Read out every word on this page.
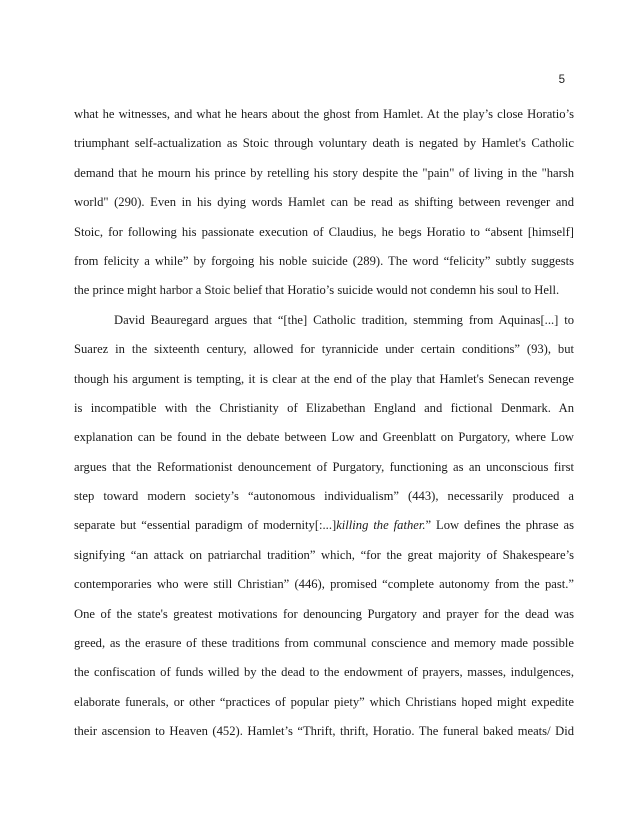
5
what he witnesses, and what he hears about the ghost from Hamlet. At the play’s close Horatio’s
triumphant self-actualization as Stoic through voluntary death is negated by Hamlet's Catholic
demand that he mourn his prince by retelling his story despite the "pain" of living in the "harsh
world" (290). Even in his dying words Hamlet can be read as shifting between revenger and
Stoic, for following his passionate execution of Claudius, he begs Horatio to “absent [himself]
from felicity a while” by forgoing his noble suicide (289). The word “felicity” subtly suggests
the prince might harbor a Stoic belief that Horatio’s suicide would not condemn his soul to Hell.
David Beauregard argues that “[the] Catholic tradition, stemming from Aquinas[...] to
Suarez in the sixteenth century, allowed for tyrannicide under certain conditions” (93), but
though his argument is tempting, it is clear at the end of the play that Hamlet's Senecan revenge
is incompatible with the Christianity of Elizabethan England and fictional Denmark. An
explanation can be found in the debate between Low and Greenblatt on Purgatory, where Low
argues that the Reformationist denouncement of Purgatory, functioning as an unconscious first
step toward modern society’s “autonomous individualism” (443), necessarily produced a
separate but “essential paradigm of modernity[:...]killing the father.” Low defines the phrase as
signifying “an attack on patriarchal tradition” which, “for the great majority of Shakespeare’s
contemporaries who were still Christian” (446), promised “complete autonomy from the past.”
One of the state's greatest motivations for denouncing Purgatory and prayer for the dead was
greed, as the erasure of these traditions from communal conscience and memory made possible
the confiscation of funds willed by the dead to the endowment of prayers, masses, indulgences,
elaborate funerals, or other “practices of popular piety” which Christians hoped might expedite
their ascension to Heaven (452). Hamlet’s “Thrift, thrift, Horatio. The funeral baked meats/ Did
